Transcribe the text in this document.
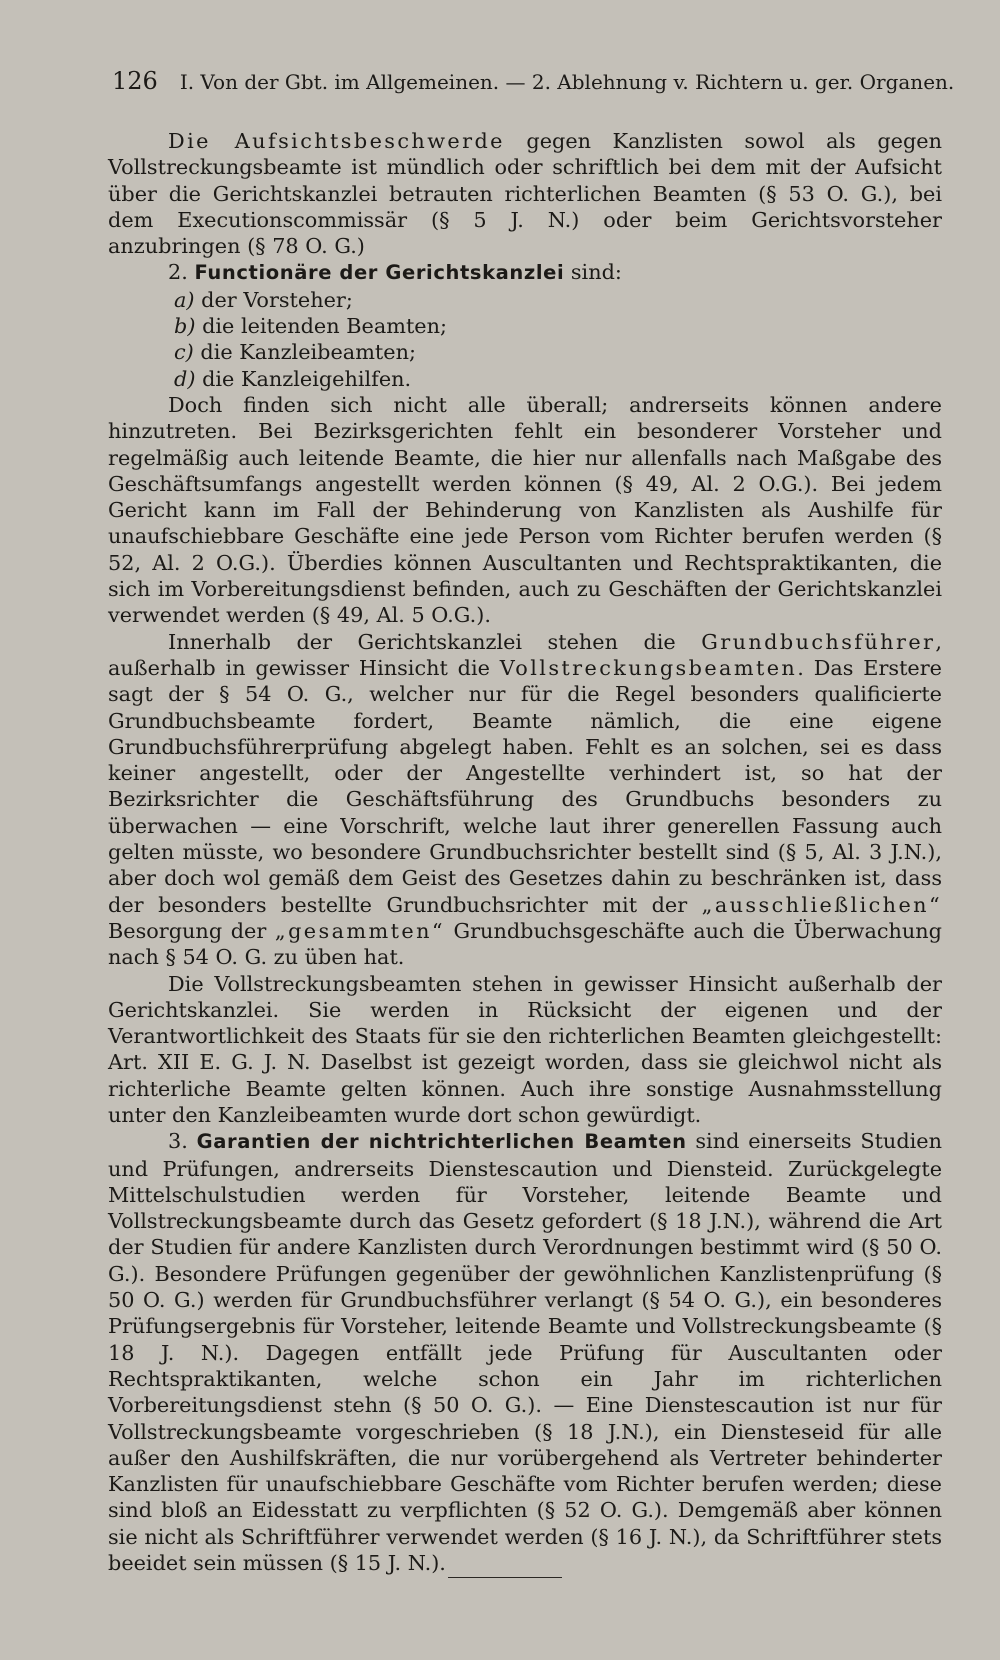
126 I. Von der Gbt. im Allgemeinen. — 2. Ablehnung v. Richtern u. ger. Organen.

Die Aufsichtsbeschwerde gegen Kanzlisten sowol als gegen Vollstreckungsbeamte ist mündlich oder schriftlich bei dem mit der Aufsicht über die Gerichtskanzlei betrauten richterlichen Beamten (§ 53 O. G.), bei dem Executionscommissär (§ 5 J. N.) oder beim Gerichtsvorsteher anzubringen (§ 78 O. G.)

2. Functionäre der Gerichtskanzlei sind:

a) der Vorsteher;
b) die leitenden Beamten;
c) die Kanzleibeamten;
d) die Kanzleigehilfen.

Doch finden sich nicht alle überall; andrerseits können andere hinzutreten. Bei Bezirksgerichten fehlt ein besonderer Vorsteher und regelmäßig auch leitende Beamte, die hier nur allenfalls nach Maßgabe des Geschäftsumfangs angestellt werden können (§ 49, Al. 2 O.G.). Bei jedem Gericht kann im Fall der Behinderung von Kanzlisten als Aushilfe für unaufschiebbare Geschäfte eine jede Person vom Richter berufen werden (§ 52, Al. 2 O.G.). Überdies können Auscultanten und Rechtspraktikanten, die sich im Vorbereitungsdienst befinden, auch zu Geschäften der Gerichtskanzlei verwendet werden (§ 49, Al. 5 O.G.).

Innerhalb der Gerichtskanzlei stehen die Grundbuchsführer, außerhalb in gewisser Hinsicht die Vollstreckungsbeamten. Das Erstere sagt der § 54 O. G., welcher nur für die Regel besonders qualificierte Grundbuchsbeamte fordert, Beamte nämlich, die eine eigene Grundbuchsführerprüfung abgelegt haben. Fehlt es an solchen, sei es dass keiner angestellt, oder der Angestellte verhindert ist, so hat der Bezirksrichter die Geschäftsführung des Grundbuchs besonders zu überwachen — eine Vorschrift, welche laut ihrer generellen Fassung auch gelten müsste, wo besondere Grundbuchsrichter bestellt sind (§ 5, Al. 3 J.N.), aber doch wol gemäß dem Geist des Gesetzes dahin zu beschränken ist, dass der besonders bestellte Grundbuchsrichter mit der „ausschließlichen“ Besorgung der „gesammten“ Grundbuchsgeschäfte auch die Überwachung nach § 54 O. G. zu üben hat.

Die Vollstreckungsbeamten stehen in gewisser Hinsicht außerhalb der Gerichtskanzlei. Sie werden in Rücksicht der eigenen und der Verantwortlichkeit des Staats für sie den richterlichen Beamten gleichgestellt: Art. XII E. G. J. N. Daselbst ist gezeigt worden, dass sie gleichwol nicht als richterliche Beamte gelten können. Auch ihre sonstige Ausnahmsstellung unter den Kanzleibeamten wurde dort schon gewürdigt.

3. Garantien der nichtrichterlichen Beamten sind einerseits Studien und Prüfungen, andrerseits Dienstescaution und Diensteid. Zurückgelegte Mittelschulstudien werden für Vorsteher, leitende Beamte und Vollstreckungsbeamte durch das Gesetz gefordert (§ 18 J.N.), während die Art der Studien für andere Kanzlisten durch Verordnungen bestimmt wird (§ 50 O. G.). Besondere Prüfungen gegenüber der gewöhnlichen Kanzlistenprüfung (§ 50 O. G.) werden für Grundbuchsführer verlangt (§ 54 O. G.), ein besonderes Prüfungsergebnis für Vorsteher, leitende Beamte und Vollstreckungsbeamte (§ 18 J. N.). Dagegen entfällt jede Prüfung für Auscultanten oder Rechtspraktikanten, welche schon ein Jahr im richterlichen Vorbereitungsdienst stehn (§ 50 O. G.). — Eine Dienstescaution ist nur für Vollstreckungsbeamte vorgeschrieben (§ 18 J.N.), ein Diensteseid für alle außer den Aushilfskräften, die nur vorübergehend als Vertreter behinderter Kanzlisten für unaufschiebbare Geschäfte vom Richter berufen werden; diese sind bloß an Eidesstatt zu verpflichten (§ 52 O. G.). Demgemäß aber können sie nicht als Schriftführer verwendet werden (§ 16 J. N.), da Schriftführer stets beeidet sein müssen (§ 15 J. N.).
